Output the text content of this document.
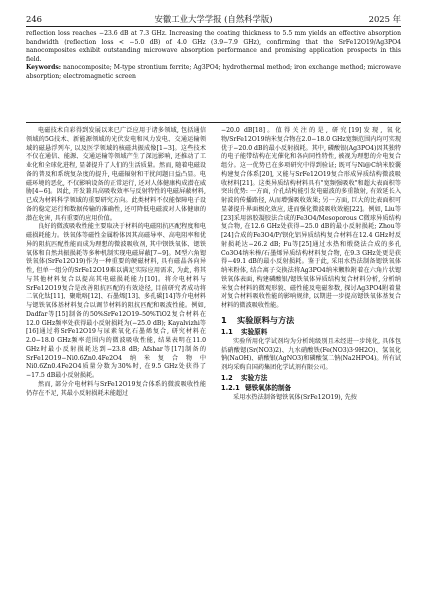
246	安徽工业大学学报 (自然科学版)	2025 年

reflection loss reaches −23.6 dB at 7.3 GHz. Increasing the coating thickness to 5.5 mm yields an effective absorption bandwidth (reflection loss < −5.0 dB) of 4.0 GHz (3.9−7.9 GHz), confirming that the SrFe12O19/Ag3PO4 nanocomposites exhibit outstanding microwave absorption performance and promising application prospects in this field.

Keywords: nanocomposite; M-type strontium ferrite; Ag3PO4; hydrothermal method; iron exchange method; microwave absorption; electromagnetic screen

电磁技术自彩得到发展以来已广泛应用于诸多领域, 包括通信领域的5G技术、新能源领域的光伏发电和风力发电、交通运输领域的磁悬浮列车, 以及医学领域的核磁共振成像[1−3]。这些技术不仅在通信、能源、交通运输等领域产生了深远影响, 还推动了工业化和全球化进程, 显著提升了人们的生活质量。然而, 随着电磁设备的普及和系统复杂度的提升, 电磁辐射和干扰问题日益凸显。电磁环境的恶化, 不仅影响设备的正常运行, 还对人体健康构成潜在威胁[4−6]。因此, 开发兼具高吸收效率与反射特性的电磁屏蔽材料, 已成为材料科学领域的重要研究方向。此类材料不仅能保障电子设备的稳定运行和数据传输的准确性, 还可降低电磁波对人体健康的潜在危害, 具有重要的应用价值。

良好的微波吸收性能主要取决于材料的电磁阻抗匹配程度和电磁损耗能力。铁氧体等磁性金属粉体因其高磁导率、高电阻率和优异的阻抗匹配性能而成为理想的微波吸收剂, 其中钡铁氧体、锶铁氧体和自然共振损耗等多种机制实现电磁屏蔽[7−9]。M型六角锶铁氧体(SrFe12O19)作为一种重要的硬磁材料, 具有磁晶各向异性, 但单一组分的SrFe12O19难以满足实际应用需求, 为此, 将其与其他材料复合以提高其电磁损耗能力[10]。将介电材料与SrFe12O19复合是改善阻抗匹配的有效途径, 目前研究者成功将二氧化钛[11]、聚吡咯[12]、石墨烯[13]、多孔碳[14]等介电材料与锶铁氧体基材料复合以调节材料的阻抗匹配和吸波性能。例如, Dadfar等[15]制备的50%SrFe12O19–50%TiO2复合材料在12.0 GHz频率处获得最小反射损耗为(−25.0 dB); Kayalvizhi等[16]通过将SrFe12O19与尿素氧化石墨烯复合, 研究材料在2.0−18.0 GHz频率范围内的微波吸收性能, 结果表明在11.0 GHz时最小反射损耗达到−23.8 dB; Afshar等[17]制备的SrFe12O19−Ni0.6Zn0.4Fe2O4纳米复合物中Ni0.6Zn0.4Fe2O4质量分数为30%时, 在9.5 GHz处获得了−17.5 dB最小反射损耗。

然而, 部分介电材料与SrFe12O19复合体系的微波吸收性能仍存在不足, 其最小反射损耗未能超过

−20.0 dB[18]。值得关注的是, 研究[19]发现, 氧化物/SrFe12O19纳米复合物在2.0−18.0 GHz宽频范围内均可实现优于−20.0 dB的最小反射损耗。其中, 磷酸银(Ag3PO4)因其独特的电子能带结构在光催化和各向同性特性, 被视为理想的介电复合组分。这一优势已在多项研究中得到验证; 既可与Ni@C纳米胶囊构建复合体系[20], 又能与SrFe12O19复合形成异质结构微波吸收材料[21]。这类异质结构材料具有"宽频强吸收"和超大表面积等突出优势: 一方面, 介孔结构能引发电磁波的多重散射, 有效延长入射波的传播路径, 从而增强吸收效果; 另一方面, 巨大的比表面积可显著提升界面极化效应, 进而强化微波吸收效能[22]。例如, Liu等[23]采用溶胶凝胶法合成的Fe3O4/Mesoporous C微球异质结构复合物, 在12.6 GHz处获得−25.0 dB的最小反射损耗; Zhou等[24]合成的Fe3O4/P/钡化铝异质结构复合材料在12.4 GHz时反射损耗达−26.2 dB; Fu等[25]通过水热和煅烧法合成的多孔Co3O4纳米棒/石墨烯异质结构材料复合物, 在9.3 GHz处更是获得−49.1 dB的最小反射损耗。鉴于此, 采用水热法制备锶铁氧体纳米粉体, 结合离子交换法将Ag3PO4纳米颗粒附着在六角片状锶铁氧体表面, 构建磷酸银/锶铁氧体异质结构复合材料分析, 分析纳米复合材料的微观形貌、磁性能及电磁参数, 探讨Ag3PO4附着量对复合材料吸收性能的影响规律, 以期进一步提高锶铁氧体基复合材料的微波吸收性能。

1 实验原料与方法
1.1 实验原料

实验所用化学试剂均为分析纯级别且未经进一步纯化, 具体包括硝酸锶(Sr(NO3)2)、九水硝酸铁(Fe(NO3)3·9H2O)、氢氧化钠(NaOH)、硝酸银(AgNO3)和磷酸氢二钠(Na2HPO4)。所有试剂均采购自国药集团化学试剂有限公司。

1.2 实验方法
1.2.1 锶铁氧体的制备

采用水热法制备锶铁氧体(SrFe12O19), 先按
